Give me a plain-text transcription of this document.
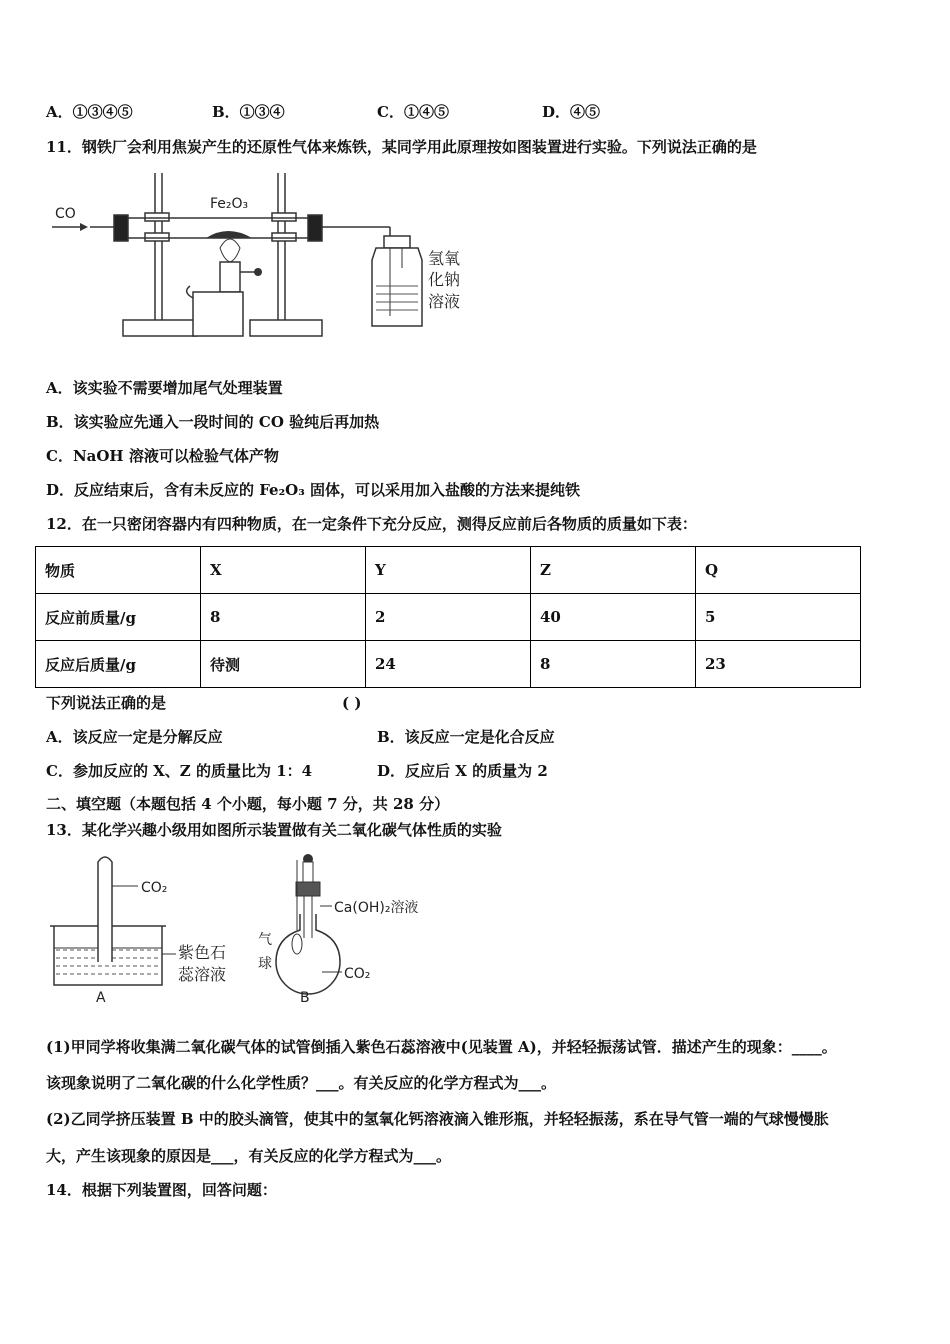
A．①③④⑤	B．①③④	C．①④⑤	D．④⑤
11．钢铁厂会利用焦炭产生的还原性气体来炼铁，某同学用此原理按如图装置进行实验。下列说法正确的是
CO
Fe₂O₃
氢氧
化钠
溶液
A．该实验不需要增加尾气处理装置
B．该实验应先通入一段时间的 CO 验纯后再加热
C．NaOH 溶液可以检验气体产物
D．反应结束后，含有未反应的 Fe₂O₃ 固体，可以采用加入盐酸的方法来提纯铁
12．在一只密闭容器内有四种物质，在一定条件下充分反应，测得反应前后各物质的质量如下表：
物质	X	Y	Z	Q
反应前质量/g	8	2	40	5
反应后质量/g	待测	24	8	23
下列说法正确的是	( )
A．该反应一定是分解反应	B．该反应一定是化合反应
C．参加反应的 X、Z 的质量比为 1：4	D．反应后 X 的质量为 2
二、填空题（本题包括 4 个小题，每小题 7 分，共 28 分）
13．某化学兴趣小级用如图所示装置做有关二氧化碳气体性质的实验
CO₂
紫色石
蕊溶液
A
Ca(OH)₂溶液
气
球
CO₂
B
(1)甲同学将收集满二氧化碳气体的试管倒插入紫色石蕊溶液中(见装置 A)，并轻轻振荡试管．描述产生的现象：____。
该现象说明了二氧化碳的什么化学性质？___。有关反应的化学方程式为___。
(2)乙同学挤压装置 B 中的胶头滴管，使其中的氢氧化钙溶液滴入锥形瓶，并轻轻振荡，系在导气管一端的气球慢慢胀
大，产生该现象的原因是___，有关反应的化学方程式为___。
14．根据下列装置图，回答问题：
